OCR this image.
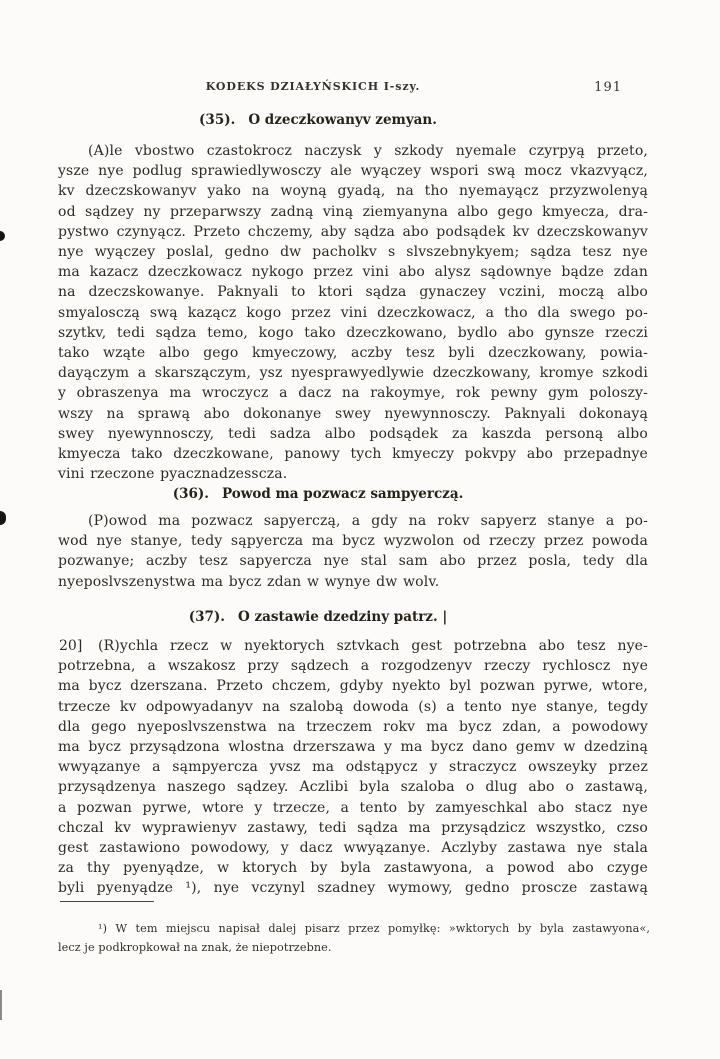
KODEKS DZIAŁYŃSKICH I-szy.	191
(35). O dzeczkowanyv zemyan.
(A)le vbostwo czastokrocz naczysk y szkody nyemale czyrpyą przeto,
ysze nye podlug sprawiedlywosczy ale wyączey wspori swą mocz vkazvyącz,
kv dzeczskowanyv yako na woyną gyadą, na tho nyemayącz przyzwolenyą
od sądzey ny przeparwszy zadną viną ziemyanyna albo gego kmyecza, dra-
pystwo czynyącz. Przeto chczemy, aby sądza abo podsądek kv dzeczskowanyv
nye wyączey poslal, gedno dw pacholkv s slvszebnykyem; sądza tesz nye
ma kazacz dzeczkowacz nykogo przez vini abo alysz sądownye bądze zdan
na dzeczskowanye. Paknyali to ktori sądza gynaczey vczini, moczą albo
smyalosczą swą kazącz kogo przez vini dzeczkowacz, a tho dla swego po-
szytkv, tedi sądza temo, kogo tako dzeczkowano, bydlo abo gynsze rzeczi
tako wząte albo gego kmyeczowy, aczby tesz byli dzeczkowany, powia-
dayączym a skarszączym, ysz nyesprawyedlywie dzeczkowany, kromye szkodi
y obraszenya ma wroczycz a dacz na rakoymye, rok pewny gym poloszy-
wszy na sprawą abo dokonanye swey nyewynnosczy. Paknyali dokonayą
swey nyewynnosczy, tedi sadza albo podsądek za kaszda personą albo
kmyecza tako dzeczkowane, panowy tych kmyeczy pokvpy abo przepadnye
vini rzeczone pyacznadzesscza.
(36). Powod ma pozwacz sampyerczą.
(P)owod ma pozwacz sapyerczą, a gdy na rokv sapyerz stanye a po-
wod nye stanye, tedy sąpyercza ma bycz wyzwolon od rzeczy przez powoda
pozwanye; aczby tesz sapyercza nye stal sam abo przez posla, tedy dla
nyeposlvszenystwa ma bycz zdan w wynye dw wolv.
(37). O zastawie dzedziny patrz. |
20]	(R)ychla rzecz w nyektorych sztvkach gest potrzebna abo tesz nye-
potrzebna, a wszakosz przy sądzech a rozgodzenyv rzeczy rychloscz nye
ma bycz dzerszana. Przeto chczem, gdyby nyekto byl pozwan pyrwe, wtore,
trzecze kv odpowyadanyv na szalobą dowoda (s) a tento nye stanye, tegdy
dla gego nyeposlvszenstwa na trzeczem rokv ma bycz zdan, a powodowy
ma bycz przysądzona wlostna drzerszawa y ma bycz dano gemv w dzedziną
wwyązanye a sąmpyercza yvsz ma odstąpycz y straczycz owszeyky przez
przysądzenya naszego sądzey. Aczlibi byla szaloba o dlug abo o zastawą,
a pozwan pyrwe, wtore y trzecze, a tento by zamyeschkal abo stacz nye
chczal kv wyprawienyv zastawy, tedi sądza ma przysądzicz wszystko, czso
gest zastawiono powodowy, y dacz wwyązanye. Aczlyby zastawa nye stala
za thy pyenyądze, w ktorych by byla zastawyona, a powod abo czyge
byli pyenyądze ¹), nye vczynyl szadney wymowy, gedno proscze zastawą
¹) W tem miejscu napisał dalej pisarz przez pomyłkę: »wktorych by byla zastawyona«,
lecz je podkropkował na znak, że niepotrzebne.
